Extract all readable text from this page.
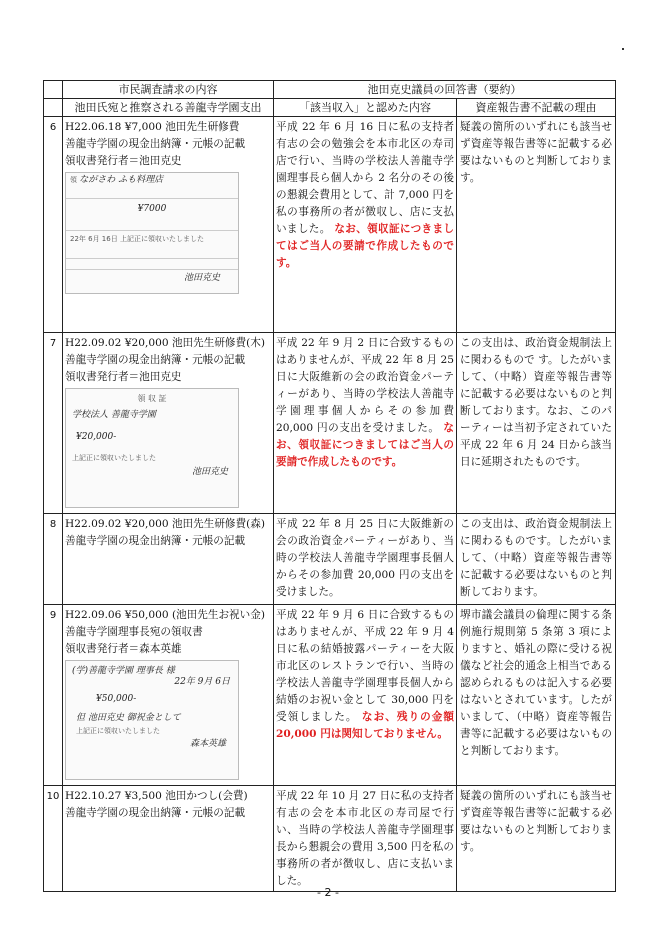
市民調査請求の内容
池田氏宛と推察される善龍寺学園支出
池田克史議員の回答書（要約）
「該当収入」と認めた内容	資産報告書不記載の理由
6 H22.06.18 ¥7,000 池田先生研修費
善龍寺学園の現金出納簿・元帳の記載
領収書発行者＝池田克史
領 ながさわ ふも料理店
¥7000
22年 6月 16日 上記正に領収いたしました
池田克史
平成 22 年 6 月 16 日に私の支持者有志の会の勉強会を本市北区の寿司店で行い、当時の学校法人善龍寺学園理事長ら個人から 2 名分のその後の懇親会費用として、計 7,000 円を私の事務所の者が徴収し、店に支払いました。 なお、領収証につきましてはご当人の要請で作成したものです。
疑義の箇所のいずれにも該当せず資産等報告書等に記載する必要はないものと判断しております。
7 H22.09.02 ¥20,000 池田先生研修費(木)
善龍寺学園の現金出納簿・元帳の記載
領収書発行者＝池田克史
領 収 証
学校法人 善龍寺学園
¥20,000-
上記正に領収いたしました
池田克史
平成 22 年 9 月 2 日に合致するものはありませんが、平成 22 年 8 月 25 日に大阪維新の会の政治資金パーティーがあり、当時の学校法人善龍寺学園理事個人からその参加費 20,000 円の支出を受けました。 なお、領収証につきましてはご当人の要請で作成したものです。
この支出は、政治資金規制法上に関わるもので す。したがいまして、（中略）資産等報告書等に記載する必要はないものと判断しております。なお、このパーティーは当初予定されていた平成 22 年 6 月 24 日から該当日に延期されたものです。
8 H22.09.02 ¥20,000 池田先生研修費(森)
善龍寺学園の現金出納簿・元帳の記載
平成 22 年 8 月 25 日に大阪維新の会の政治資金パーティーがあり、当時の学校法人善龍寺学園理事長個人からその参加費 20,000 円の支出を受けました。
この支出は、政治資金規制法上に関わるものです。したがいまして、（中略）資産等報告書等に記載する必要はないものと判断しております。
9 H22.09.06 ¥50,000 (池田先生お祝い金)
善龍寺学園理事長宛の領収書
領収書発行者＝森本英雄
(学)善龍寺学園 理事長 様
22年 9月 6日
¥50,000-
但 池田克史 御祝金として
上記正に領収いたしました
森本英雄
平成 22 年 9 月 6 日に合致するものはありませんが、平成 22 年 9 月 4 日に私の結婚披露パーティーを大阪市北区のレストランで行い、当時の学校法人善龍寺学園理事長個人から結婚のお祝い金として 30,000 円を受領しました。 なお、残りの金額 20,000 円は関知しておりません。
堺市議会議員の倫理に関する条例施行規則第 5 条第 3 項によりますと、婚礼の際に受ける祝儀など社会的通念上相当である認められるものは記入する必要はないとされています。したがいまして、（中略）資産等報告書等に記載する必要はないものと判断しております。
10 H22.10.27 ¥3,500 池田かつし(会費)
善龍寺学園の現金出納簿・元帳の記載
平成 22 年 10 月 27 日に私の支持者有志の会を本市北区の寿司屋で行い、当時の学校法人善龍寺学園理事長から懇親会の費用 3,500 円を私の事務所の者が徴収し、店に支払いました。
疑義の箇所のいずれにも該当せず資産等報告書等に記載する必要はないものと判断しております。
- 2 -
